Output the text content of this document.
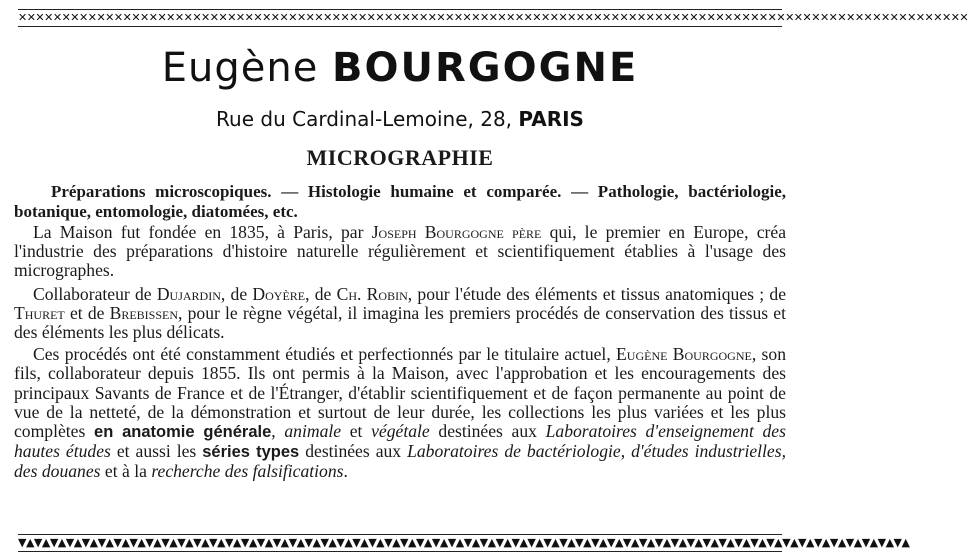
✕✕✕✕✕✕✕✕✕✕✕✕✕✕✕✕✕✕✕✕✕✕✕✕✕✕✕✕✕✕✕✕✕✕✕✕✕✕✕✕✕✕✕✕✕✕✕✕✕✕✕✕✕✕✕✕✕✕✕✕✕✕✕✕✕✕✕✕✕✕✕✕✕✕✕✕✕✕✕✕✕✕✕✕✕✕✕✕✕✕✕✕✕✕✕✕✕✕✕✕✕✕✕✕✕✕✕✕✕
Eugène BOURGOGNE
Rue du Cardinal-Lemoine, 28, PARIS
MICROGRAPHIE

Préparations microscopiques. — Histologie humaine et comparée. — Pathologie, bactériologie, botanique, entomologie, diatomées, etc.

La Maison fut fondée en 1835, à Paris, par Joseph Bourgogne père qui, le premier en Europe, créa l'industrie des préparations d'histoire naturelle régulièrement et scientifiquement établies à l'usage des micrographes.

Collaborateur de Dujardin, de Doyère, de Ch. Robin, pour l'étude des éléments et tissus anatomiques ; de Thuret et de Brebissen, pour le règne végétal, il imagina les premiers procédés de conservation des tissus et des éléments les plus délicats.

Ces procédés ont été constamment étudiés et perfectionnés par le titulaire actuel, Eugène Bourgogne, son fils, collaborateur depuis 1855. Ils ont permis à la Maison, avec l'approbation et les encouragements des principaux Savants de France et de l'Étranger, d'établir scientifiquement et de façon permanente au point de vue de la netteté, de la démonstration et surtout de leur durée, les collections les plus variées et les plus complètes en anatomie générale, animale et végétale destinées aux Laboratoires d'enseignement des hautes études et aussi les séries types destinées aux Laboratoires de bactériologie, d'études industrielles, des douanes et à la recherche des falsifications.

▼▲▼▲▼▲▼▲▼▲▼▲▼▲▼▲▼▲▼▲▼▲▼▲▼▲▼▲▼▲▼▲▼▲▼▲▼▲▼▲▼▲▼▲▼▲▼▲▼▲▼▲▼▲▼▲▼▲▼▲▼▲▼▲▼▲▼▲▼▲▼▲▼▲▼▲▼▲▼▲▼▲▼▲▼▲▼▲▼▲▼▲▼▲▼▲▼▲▼▲▼▲▼▲▼▲▼▲▼▲▼▲
